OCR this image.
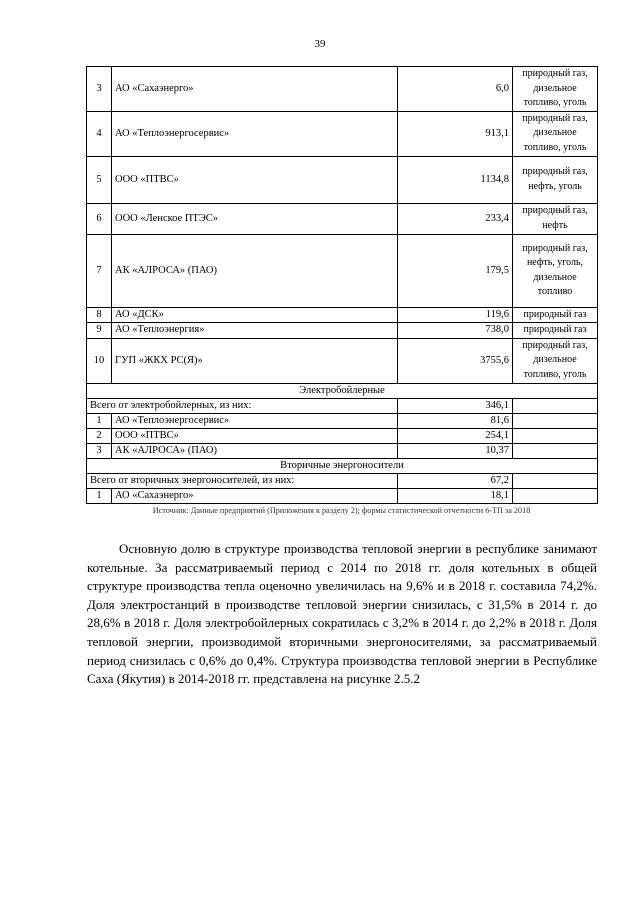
39
3	АО «Сахаэнерго»	6,0	природный газ, дизельное топливо, уголь
4	АО «Теплоэнергосервис»	913,1	природный газ, дизельное топливо, уголь
5	ООО «ПТВС»	1134,8	природный газ, нефть, уголь
6	ООО «Ленское ПТЭС»	233,4	природный газ, нефть
7	АК «АЛРОСА» (ПАО)	179,5	природный газ, нефть, уголь, дизельное топливо
8	АО «ДСК»	119,6	природный газ
9	АО «Теплоэнергия»	738,0	природный газ
10	ГУП «ЖКХ РС(Я)»	3755,6	природный газ, дизельное топливо, уголь
Электробойлерные			
Всего от электробойлерных, из них:		346,1	
1	АО «Теплоэнергосервис»	81,6	
2	ООО «ПТВС»	254,1	
3	АК «АЛРОСА» (ПАО)	10,37	
Вторичные энергоносители			
Всего от вторичных энергоносителей, из них:		67,2	
1	АО «Сахаэнерго»	18,1	
Источник: Данные предприятий (Приложения к разделу 2); формы статистической отчетности 6-ТП за 2018

Основную долю в структуре производства тепловой энергии в республике занимают котельные. За рассматриваемый период с 2014 по 2018 гг. доля котельных в общей структуре производства тепла оценочно увеличилась на 9,6% и в 2018 г. составила 74,2%. Доля электростанций в производстве тепловой энергии снизилась, с 31,5% в 2014 г. до 28,6% в 2018 г. Доля электробойлерных сократилась с 3,2% в 2014 г. до 2,2% в 2018 г. Доля тепловой энергии, производимой вторичными энергоносителями, за рассматриваемый период снизилась с 0,6% до 0,4%. Структура производства тепловой энергии в Республике Саха (Якутия) в 2014-2018 гг. представлена на рисунке 2.5.2
